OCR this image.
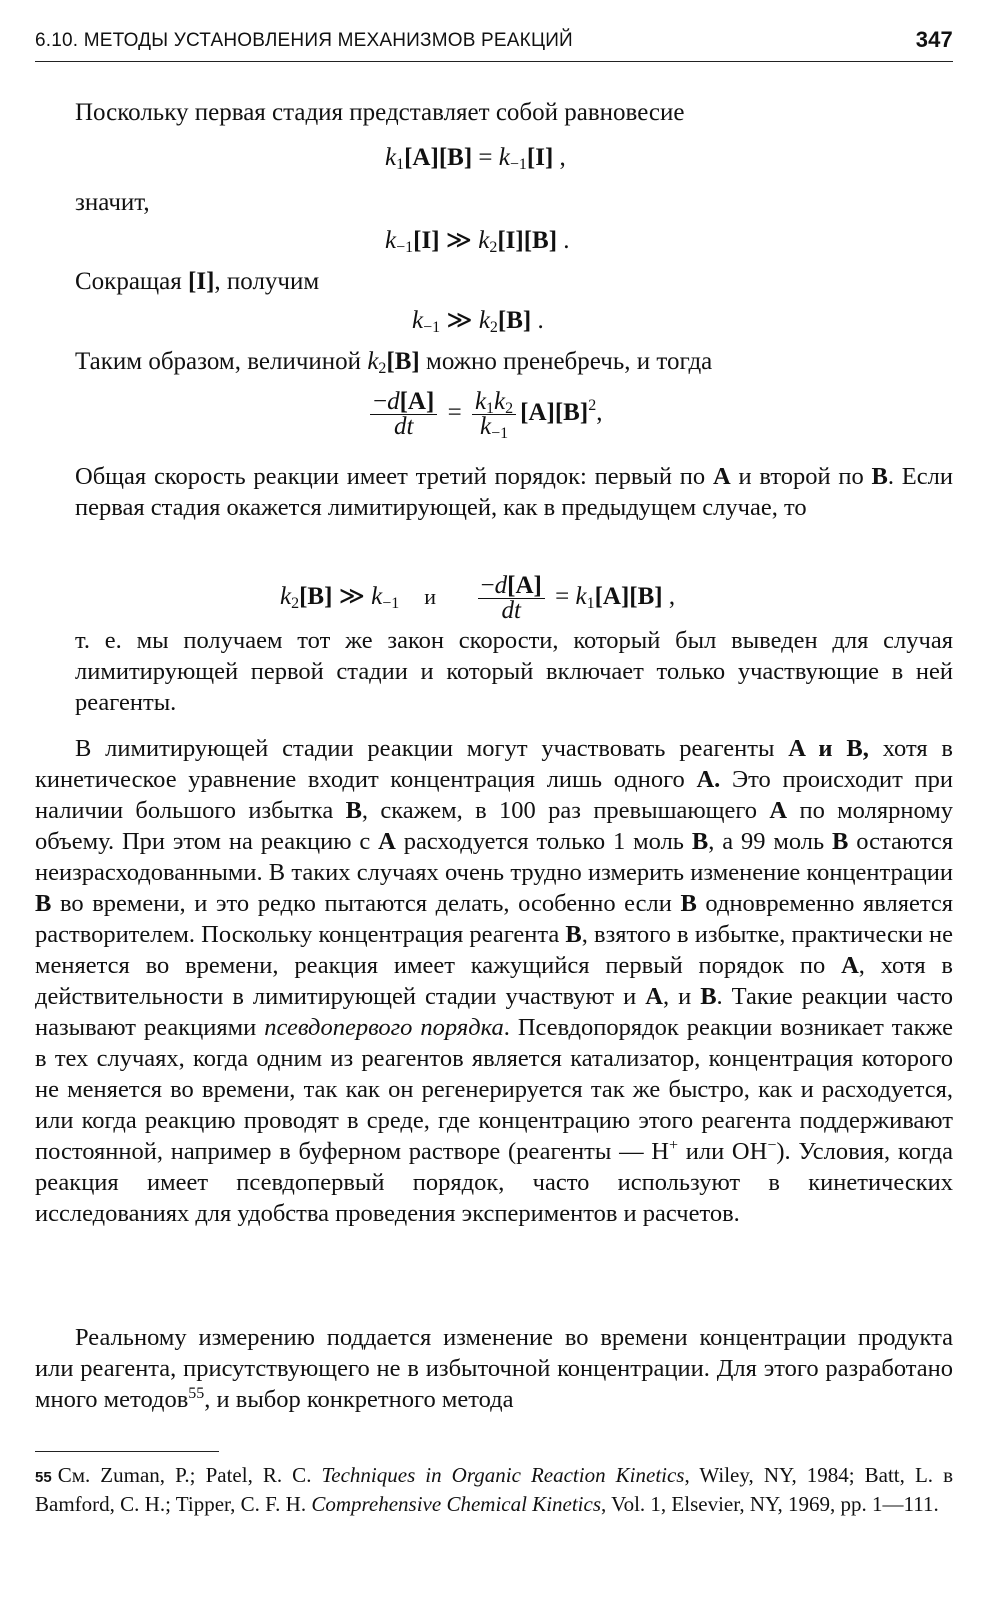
6.10. МЕТОДЫ УСТАНОВЛЕНИЯ МЕХАНИЗМОВ РЕАКЦИЙ	347
Поскольку первая стадия представляет собой равновесие
$k_1[A][B] = k_{-1}[I]$ ,
значит,
$k_{-1}[I]$ ≫ $k_2[I][B]$ .
Сокращая [I], получим
$k_{-1}$ ≫ $k_2[B]$ .
Таким образом, величиной $k_2[B]$ можно пренебречь, и тогда
$\frac{-d[A]}{dt} = \frac{k_1k_2}{k_{-1}} [A][B]^2$,

Общая скорость реакции имеет третий порядок: первый по A и второй по B. Если первая стадия окажется лимитирующей, как в предыдущем случае, то

$k_2[B]$ ≫ $k_{-1}$ и $\frac{-d[A]}{dt} = k_1[A][B]$ ,

т. е. мы получаем тот же закон скорости, который был выведен для случая лимитирующей первой стадии и который включает только участвующие в ней реагенты.

В лимитирующей стадии реакции могут участвовать реагенты A и B, хотя в кинетическое уравнение входит концентрация лишь одного A. Это происходит при наличии большого избытка B, скажем, в 100 раз превышающего A по молярному объему. При этом на реакцию с A расходуется только 1 моль B, а 99 моль B остаются неизрасходованными. В таких случаях очень трудно измерить изменение концентрации B во времени, и это редко пытаются делать, особенно если B одновременно является растворителем. Поскольку концентрация реагента B, взятого в избытке, практически не меняется во времени, реакция имеет кажущийся первый порядок по A, хотя в действительности в лимитирующей стадии участвуют и A, и B. Такие реакции часто называют реакциями псевдопервого порядка. Псевдопорядок реакции возникает также в тех случаях, когда одним из реагентов является катализатор, концентрация которого не меняется во времени, так как он регенерируется так же быстро, как и расходуется, или когда реакцию проводят в среде, где концентрацию этого реагента поддерживают постоянной, например в буферном растворе (реагенты — H+ или OH−). Условия, когда реакция имеет псевдопервый порядок, часто используют в кинетических исследованиях для удобства проведения экспериментов и расчетов.

Реальному измерению поддается изменение во времени концентрации продукта или реагента, присутствующего не в избыточной концентрации. Для этого разработано много методов$^{55}$, и выбор конкретного метода

55 См. Zuman, P.; Patel, R. C. Techniques in Organic Reaction Kinetics, Wiley, NY, 1984; Batt, L. в Bamford, C. H.; Tipper, C. F. H. Comprehensive Chemical Kinetics, Vol. 1, Elsevier, NY, 1969, pp. 1—111.
